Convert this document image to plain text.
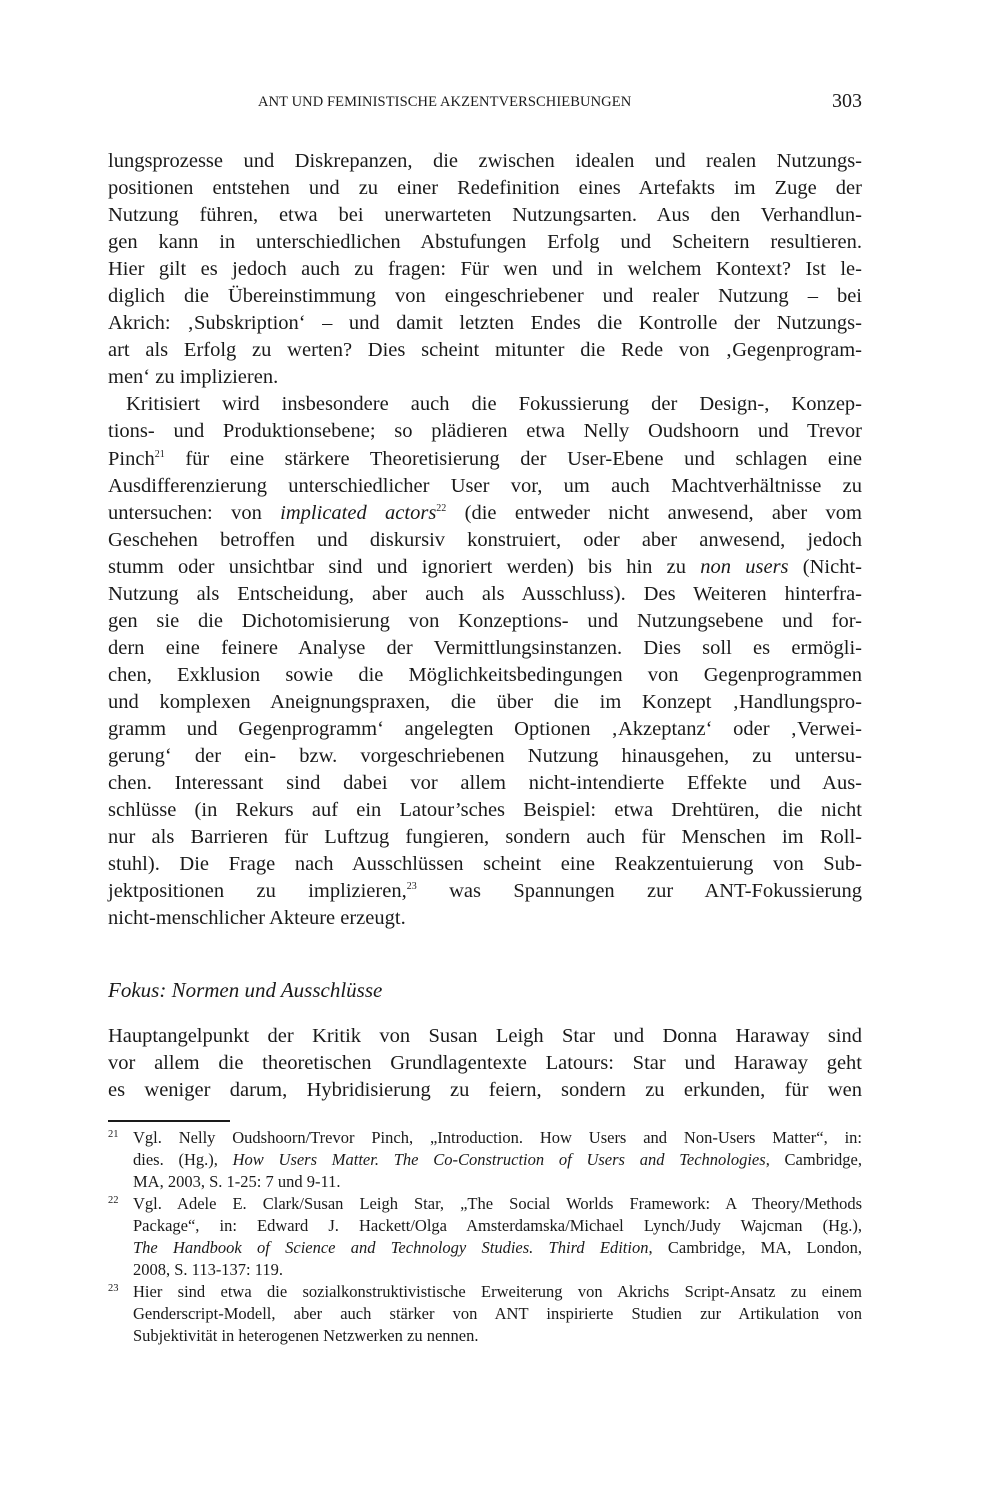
ANT UND FEMINISTISCHE AKZENTVERSCHIEBUNGEN	303

lungsprozesse und Diskrepanzen, die zwischen idealen und realen Nutzungs-
positionen entstehen und zu einer Redefinition eines Artefakts im Zuge der
Nutzung führen, etwa bei unerwarteten Nutzungsarten. Aus den Verhandlun-
gen kann in unterschiedlichen Abstufungen Erfolg und Scheitern resultieren.
Hier gilt es jedoch auch zu fragen: Für wen und in welchem Kontext? Ist le-
diglich die Übereinstimmung von eingeschriebener und realer Nutzung – bei
Akrich: ‚Subskription‘ – und damit letzten Endes die Kontrolle der Nutzungs-
art als Erfolg zu werten? Dies scheint mitunter die Rede von ‚Gegenprogram-
men‘ zu implizieren.

Kritisiert wird insbesondere auch die Fokussierung der Design-, Konzep-
tions- und Produktionsebene; so plädieren etwa Nelly Oudshoorn und Trevor
Pinch$^{21}$ für eine stärkere Theoretisierung der User-Ebene und schlagen eine
Ausdifferenzierung unterschiedlicher User vor, um auch Machtverhältnisse zu
untersuchen: von implicated actors$^{22}$ (die entweder nicht anwesend, aber vom
Geschehen betroffen und diskursiv konstruiert, oder aber anwesend, jedoch
stumm oder unsichtbar sind und ignoriert werden) bis hin zu non users (Nicht-
Nutzung als Entscheidung, aber auch als Ausschluss). Des Weiteren hinterfra-
gen sie die Dichotomisierung von Konzeptions- und Nutzungsebene und for-
dern eine feinere Analyse der Vermittlungsinstanzen. Dies soll es ermögli-
chen, Exklusion sowie die Möglichkeitsbedingungen von Gegenprogrammen
und komplexen Aneignungspraxen, die über die im Konzept ‚Handlungspro-
gramm und Gegenprogramm‘ angelegten Optionen ‚Akzeptanz‘ oder ‚Verwei-
gerung‘ der ein- bzw. vorgeschriebenen Nutzung hinausgehen, zu untersu-
chen. Interessant sind dabei vor allem nicht-intendierte Effekte und Aus-
schlüsse (in Rekurs auf ein Latour’sches Beispiel: etwa Drehtüren, die nicht
nur als Barrieren für Luftzug fungieren, sondern auch für Menschen im Roll-
stuhl). Die Frage nach Ausschlüssen scheint eine Reakzentuierung von Sub-
jektpositionen zu implizieren,$^{23}$ was Spannungen zur ANT-Fokussierung
nicht-menschlicher Akteure erzeugt.

Fokus: Normen und Ausschlüsse
Hauptangelpunkt der Kritik von Susan Leigh Star und Donna Haraway sind
vor allem die theoretischen Grundlagentexte Latours: Star und Haraway geht
es weniger darum, Hybridisierung zu feiern, sondern zu erkunden, für wen
21 Vgl. Nelly Oudshoorn/Trevor Pinch, „Introduction. How Users and Non-Users Matter“, in:
dies. (Hg.), How Users Matter. The Co-Construction of Users and Technologies, Cambridge,
MA, 2003, S. 1-25: 7 und 9-11.
22 Vgl. Adele E. Clark/Susan Leigh Star, „The Social Worlds Framework: A Theory/Methods
Package“, in: Edward J. Hackett/Olga Amsterdamska/Michael Lynch/Judy Wajcman (Hg.),
The Handbook of Science and Technology Studies. Third Edition, Cambridge, MA, London,
2008, S. 113-137: 119.
23 Hier sind etwa die sozialkonstruktivistische Erweiterung von Akrichs Script-Ansatz zu einem
Genderscript-Modell, aber auch stärker von ANT inspirierte Studien zur Artikulation von
Subjektivität in heterogenen Netzwerken zu nennen.
